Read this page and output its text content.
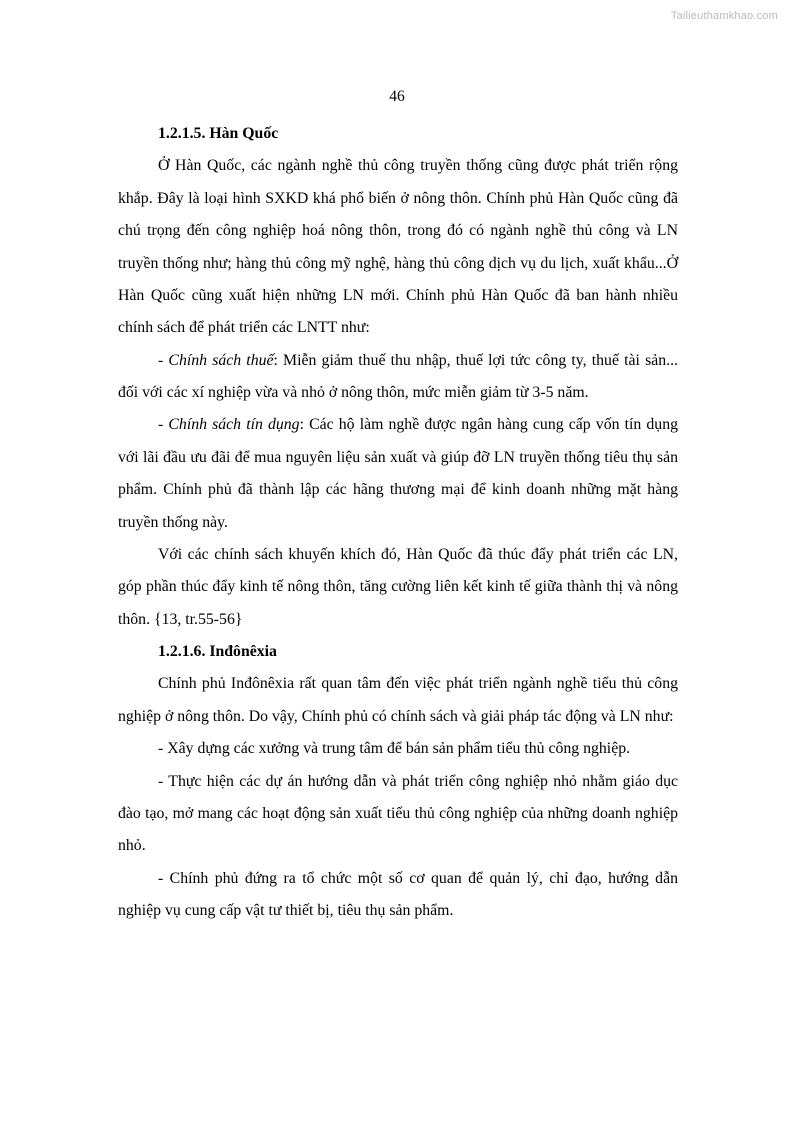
Tailieuthamkhao.com
46

1.2.1.5. Hàn Quốc

Ở Hàn Quốc, các ngành nghề thủ công truyền thống cũng được phát triển rộng khắp. Đây là loại hình SXKD khá phổ biến ở nông thôn. Chính phủ Hàn Quốc cũng đã chú trọng đến công nghiệp hoá nông thôn, trong đó có ngành nghề thủ công và LN truyền thống như; hàng thủ công mỹ nghệ, hàng thủ công dịch vụ du lịch, xuất khẩu...Ở Hàn Quốc cũng xuất hiện những LN mới. Chính phủ Hàn Quốc đã ban hành nhiều chính sách để phát triển các LNTT như:

- Chính sách thuế: Miễn giảm thuế thu nhập, thuế lợi tức công ty, thuế tài sản... đối với các xí nghiệp vừa và nhỏ ở nông thôn, mức miễn giảm từ 3-5 năm.

- Chính sách tín dụng: Các hộ làm nghề được ngân hàng cung cấp vốn tín dụng với lãi đầu ưu đãi để mua nguyên liệu sản xuất và giúp đỡ LN truyền thống tiêu thụ sản phẩm. Chính phủ đã thành lập các hãng thương mại để kinh doanh những mặt hàng truyền thống này.

Với các chính sách khuyến khích đó, Hàn Quốc đã thúc đẩy phát triển các LN, góp phần thúc đẩy kinh tế nông thôn, tăng cường liên kết kinh tế giữa thành thị và nông thôn. {13, tr.55-56}

1.2.1.6. Inđônêxia

Chính phủ Inđônêxia rất quan tâm đến việc phát triển ngành nghề tiểu thủ công nghiệp ở nông thôn. Do vậy, Chính phủ có chính sách và giải pháp tác động và LN như:

- Xây dựng các xưởng và trung tâm để bán sản phẩm tiểu thủ công nghiệp.

- Thực hiện các dự án hướng dẫn và phát triển công nghiệp nhỏ nhằm giáo dục đào tạo, mở mang các hoạt động sản xuất tiểu thủ công nghiệp của những doanh nghiệp nhỏ.

- Chính phủ đứng ra tổ chức một số cơ quan để quản lý, chỉ đạo, hướng dẫn nghiệp vụ cung cấp vật tư thiết bị, tiêu thụ sản phẩm.
